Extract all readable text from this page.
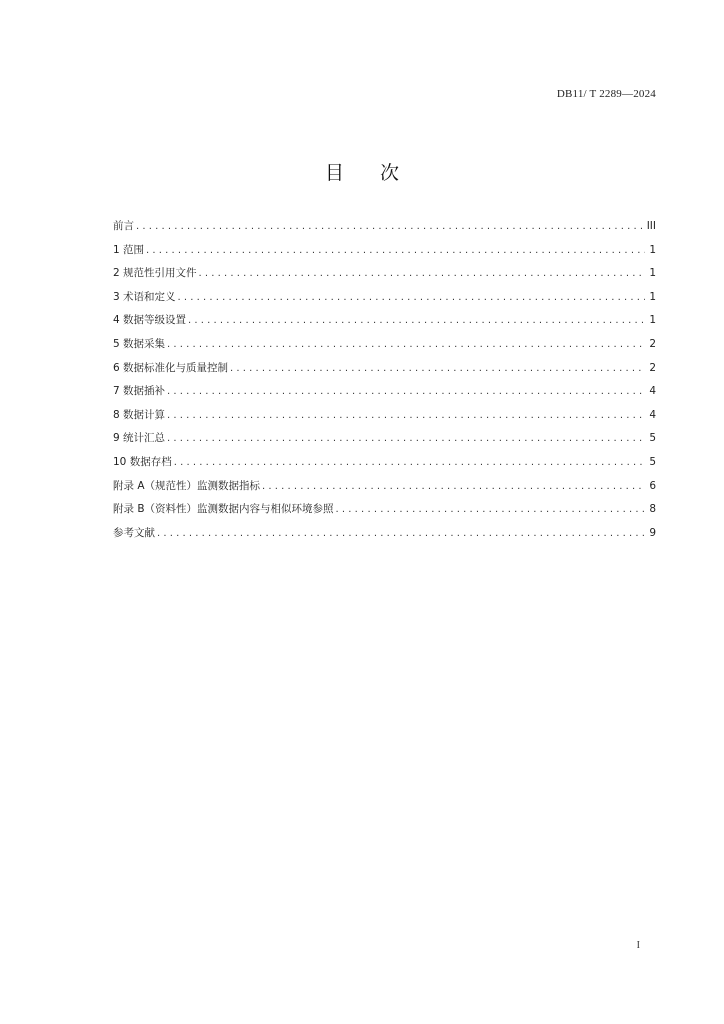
DB11/ T 2289—2024
目 次
前言 .....	III
1 范围 .....	1
2 规范性引用文件 .....	1
3 术语和定义 .....	1
4 数据等级设置 .....	1
5 数据采集 .....	2
6 数据标准化与质量控制 .....	2
7 数据插补 .....	4
8 数据计算 .....	4
9 统计汇总 .....	5
10 数据存档 .....	5
附录 A（规范性）监测数据指标 .....	6
附录 B（资料性）监测数据内容与相似环境参照 .....	8
参考文献 .....	9
I
